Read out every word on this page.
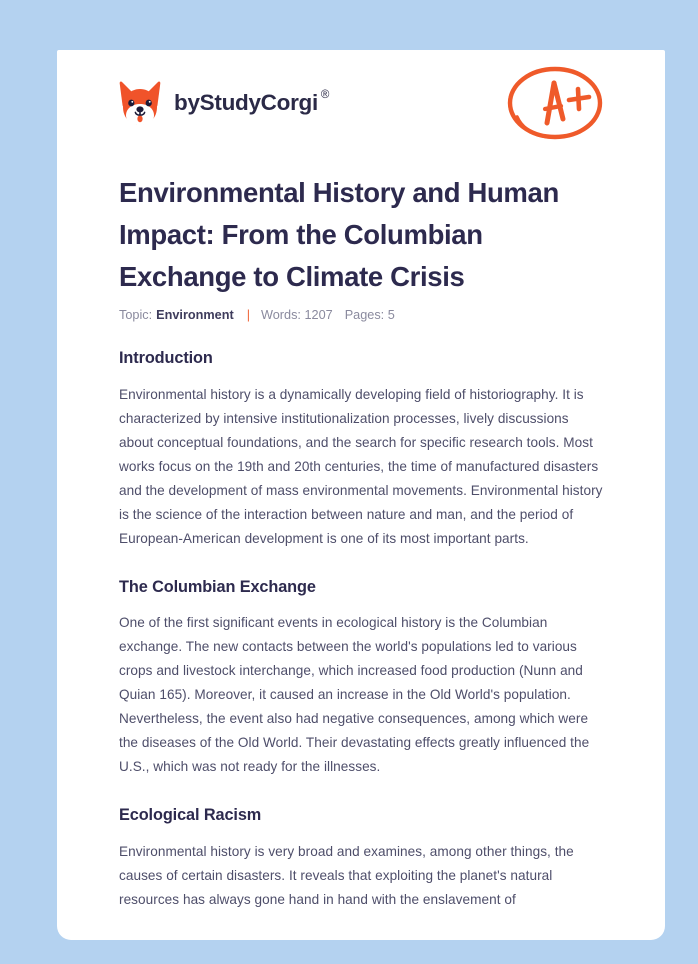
by StudyCorgi ®
Environmental History and Human Impact: From the Columbian Exchange to Climate Crisis
Topic: Environment | Words: 1207 Pages: 5
Introduction

Environmental history is a dynamically developing field of historiography. It is characterized by intensive institutionalization processes, lively discussions about conceptual foundations, and the search for specific research tools. Most works focus on the 19th and 20th centuries, the time of manufactured disasters and the development of mass environmental movements. Environmental history is the science of the interaction between nature and man, and the period of European-American development is one of its most important parts.

The Columbian Exchange

One of the first significant events in ecological history is the Columbian exchange. The new contacts between the world's populations led to various crops and livestock interchange, which increased food production (Nunn and Quian 165). Moreover, it caused an increase in the Old World's population. Nevertheless, the event also had negative consequences, among which were the diseases of the Old World. Their devastating effects greatly influenced the U.S., which was not ready for the illnesses.

Ecological Racism

Environmental history is very broad and examines, among other things, the causes of certain disasters. It reveals that exploiting the planet's natural resources has always gone hand in hand with the enslavement of
